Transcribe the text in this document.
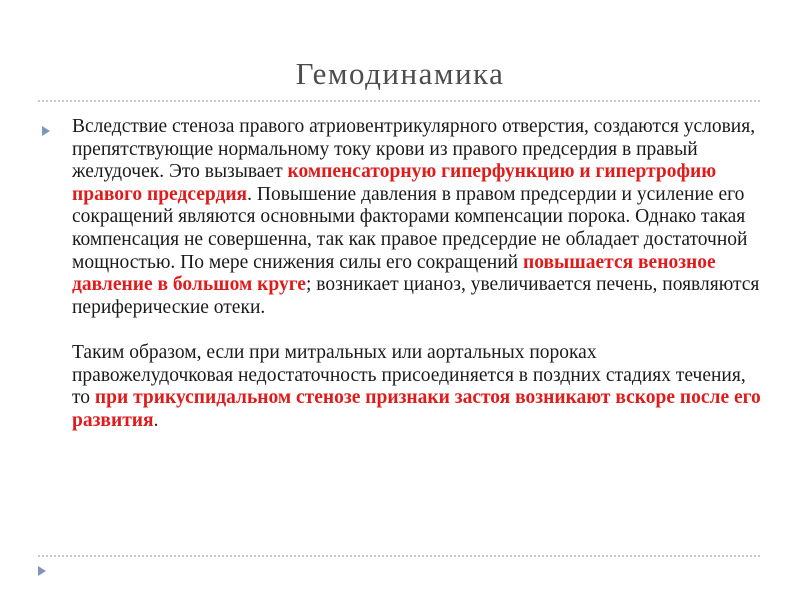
Гемодинамика

Вследствие стеноза правого атриовентрикулярного отверстия, создаются условия, препятствующие нормальному току крови из правого предсердия в правый желудочек. Это вызывает компенсаторную гиперфункцию и гипертрофию правого предсердия. Повышение давления в правом предсердии и усиление его сокращений являются основными факторами компенсации порока. Однако такая компенсация не совершенна, так как правое предсердие не обладает достаточной мощностью. По мере снижения силы его сокращений повышается венозное давление в большом круге; возникает цианоз, увеличивается печень, появляются периферические отеки.

Таким образом, если при митральных или аортальных пороках правожелудочковая недостаточность присоединяется в поздних стадиях течения, то при трикуспидальном стенозе признаки застоя возникают вскоре после его развития.
